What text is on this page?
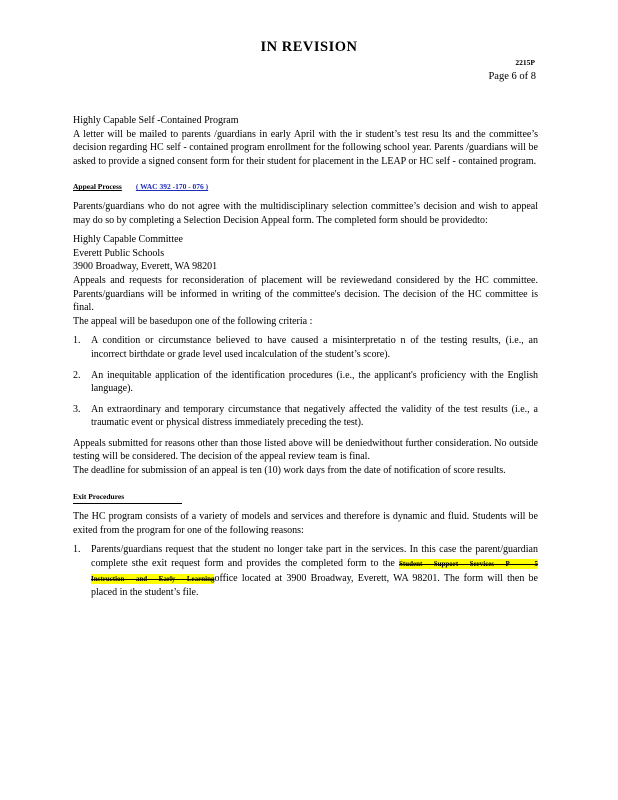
IN REVISION
2215P
Page 6 of 8

Highly Capable Self -Contained Program

A letter will be mailed to parents /guardians in early April with the ir student’s test resu lts and the committee’s decision regarding HC self - contained program enrollment for the following school year. Parents /guardians will be asked to provide a signed consent form for their student for placement in the LEAP or HC self - contained program.

Appeal Process ( WAC 392 -170 - 076 )

Parents/guardians who do not agree with the multidisciplinary selection committee’s decision and wish to appeal may do so by completing a Selection Decision Appeal form. The completed form should be providedto:

Highly Capable Committee
Everett Public Schools
3900 Broadway, Everett, WA 98201

Appeals and requests for reconsideration of placement will be reviewedand considered by the HC committee. Parents/guardians will be informed in writing of the committee's decision. The decision of the HC committee is final.

The appeal will be basedupon one of the following criteria :

1. A condition or circumstance believed to have caused a misinterpretatio n of the testing results, (i.e., an incorrect birthdate or grade level used incalculation of the student’s score).
2. An inequitable application of the identification procedures (i.e., the applicant's proficiency with the English language).
3. An extraordinary and temporary circumstance that negatively affected the validity of the test results (i.e., a traumatic event or physical distress immediately preceding the test).

Appeals submitted for reasons other than those listed above will be deniedwithout further consideration. No outside testing will be considered. The decision of the appeal review team is final.

The deadline for submission of an appeal is ten (10) work days from the date of notification of score results.

Exit Procedures

The HC program consists of a variety of models and services and therefore is dynamic and fluid. Students will be exited from the program for one of the following reasons:

1. Parents/guardians request that the student no longer take part in the services. In this case the parent/guardian complete sthe exit request form and provides the completed form to the Student Support Services P - 5 Instruction and Early Learningoffice located at 3900 Broadway, Everett, WA 98201. The form will then be placed in the student’s file.
